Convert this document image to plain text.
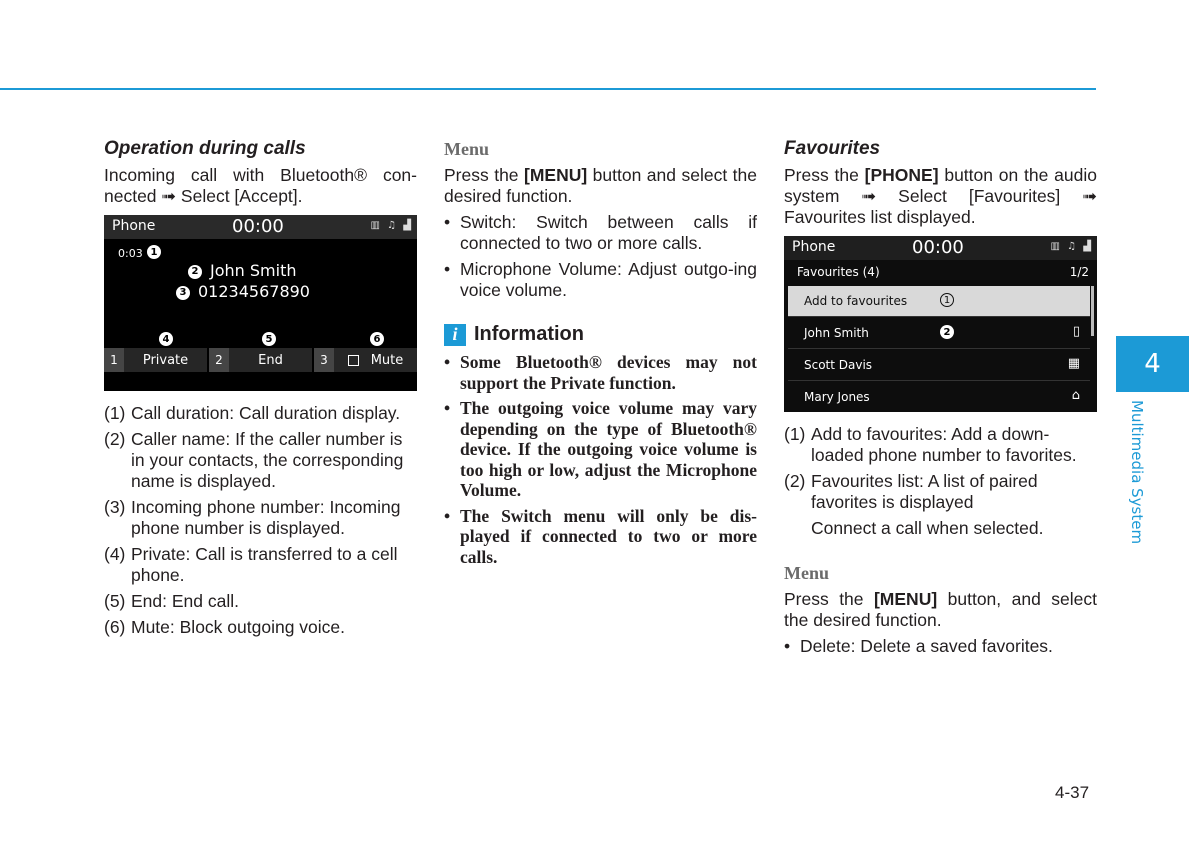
Operation during calls

Incoming call with Bluetooth® con-nected ➟ Select [Accept].

Phone	00:00	▥ ♫ ▟
0:03 1
2 John Smith
3 01234567890
4	5	6
1	Private	2	End	3	Mute
(1) Call duration: Call duration display.
(2) Caller name: If the caller number is in your contacts, the corresponding name is displayed.
(3) Incoming phone number: Incoming phone number is displayed.
(4) Private: Call is transferred to a cell phone.
(5) End: End call.
(6) Mute: Block outgoing voice.
Menu

Press the [MENU] button and select the desired function.

• Switch: Switch between calls if connected to two or more calls.
• Microphone Volume: Adjust outgo-ing voice volume.
i Information
• Some Bluetooth® devices may not support the Private function.
• The outgoing voice volume may vary depending on the type of Bluetooth® device. If the outgoing voice volume is too high or low, adjust the Microphone Volume.
• The Switch menu will only be dis-played if connected to two or more calls.
Favourites

Press the [PHONE] button on the audio system ➟ Select [Favourites] ➟ Favourites list displayed.

Phone	00:00	▥ ♫ ▟
Favourites (4)	1/2
Add to favourites	1
John Smith	2	▯
Scott Davis	▦
Mary Jones	⌂
(1) Add to favourites: Add a down-loaded phone number to favorites.
(2) Favourites list: A list of paired favorites is displayed
Connect a call when selected.
Menu

Press the [MENU] button, and select the desired function.

• Delete: Delete a saved favorites.
4
Multimedia System
4-37
